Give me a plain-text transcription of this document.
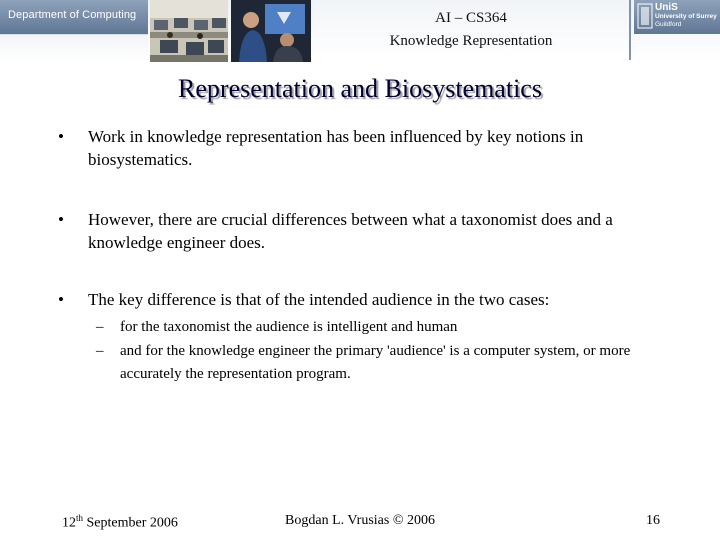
Department of Computing	AI – CS364
Knowledge Representation
UniS
University of Surrey
Guildford
Representation and Biosystematics
• Work in knowledge representation has been influenced by key notions in biosystematics.
• However, there are crucial differences between what a taxonomist does and a knowledge engineer does.
• The key difference is that of the intended audience in the two cases:
– for the taxonomist the audience is intelligent and human
– and for the knowledge engineer the primary 'audience' is a computer system, or more accurately the representation program.
12th September 2006	Bogdan L. Vrusias © 2006	16
